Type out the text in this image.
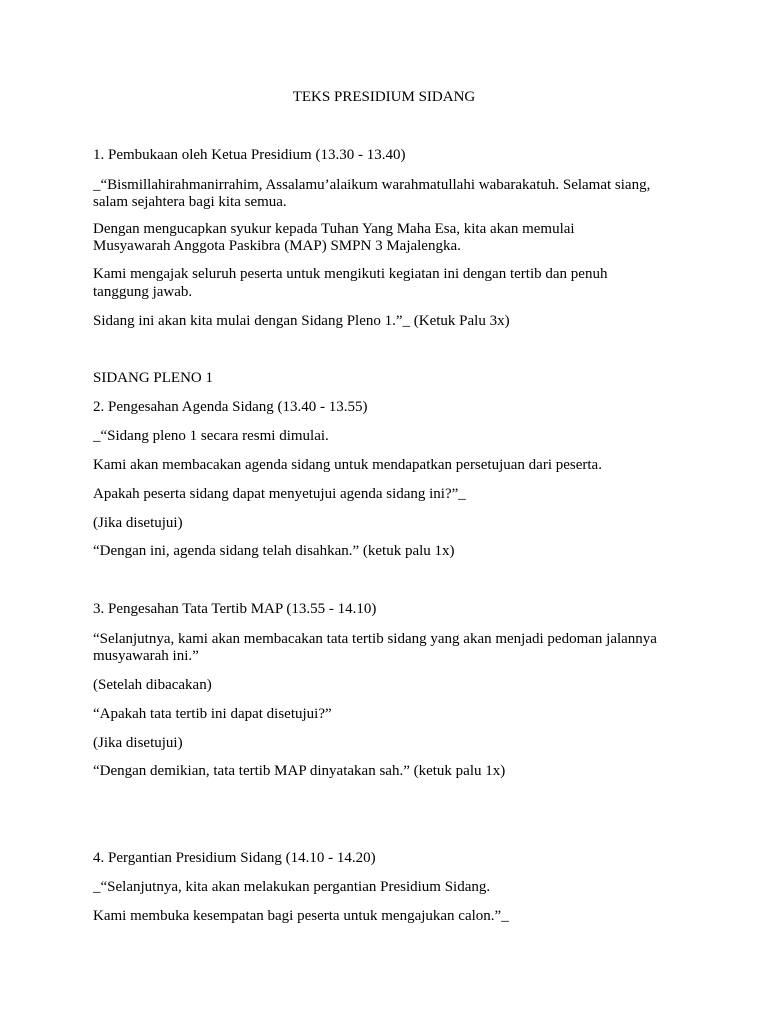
TEKS PRESIDIUM SIDANG

1. Pembukaan oleh Ketua Presidium (13.30 - 13.40)

_“Bismillahirahmanirrahim, Assalamu’alaikum warahmatullahi wabarakatuh. Selamat siang,

salam sejahtera bagi kita semua.

Dengan mengucapkan syukur kepada Tuhan Yang Maha Esa, kita akan memulai

Musyawarah Anggota Paskibra (MAP) SMPN 3 Majalengka.

Kami mengajak seluruh peserta untuk mengikuti kegiatan ini dengan tertib dan penuh

tanggung jawab.

Sidang ini akan kita mulai dengan Sidang Pleno 1.”_ (Ketuk Palu 3x)

SIDANG PLENO 1

2. Pengesahan Agenda Sidang (13.40 - 13.55)

_“Sidang pleno 1 secara resmi dimulai.

Kami akan membacakan agenda sidang untuk mendapatkan persetujuan dari peserta.

Apakah peserta sidang dapat menyetujui agenda sidang ini?”_

(Jika disetujui)

“Dengan ini, agenda sidang telah disahkan.” (ketuk palu 1x)

3. Pengesahan Tata Tertib MAP (13.55 - 14.10)

“Selanjutnya, kami akan membacakan tata tertib sidang yang akan menjadi pedoman jalannya

musyawarah ini.”

(Setelah dibacakan)

“Apakah tata tertib ini dapat disetujui?”

(Jika disetujui)

“Dengan demikian, tata tertib MAP dinyatakan sah.” (ketuk palu 1x)

4. Pergantian Presidium Sidang (14.10 - 14.20)

_“Selanjutnya, kita akan melakukan pergantian Presidium Sidang.

Kami membuka kesempatan bagi peserta untuk mengajukan calon.”_
